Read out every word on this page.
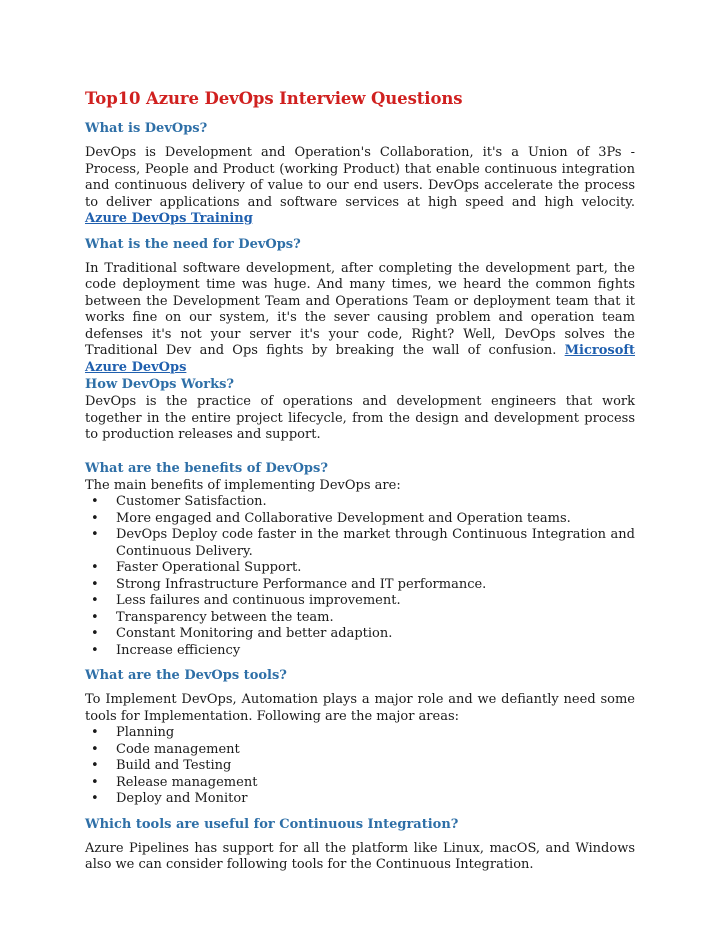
Top10 Azure DevOps Interview Questions
What is DevOps?

DevOps is Development and Operation's Collaboration, it's a Union of 3Ps - Process, People and Product (working Product) that enable continuous integration and continuous delivery of value to our end users. DevOps accelerate the process to deliver applications and software services at high speed and high velocity. Azure DevOps Training

What is the need for DevOps?

In Traditional software development, after completing the development part, the code deployment time was huge. And many times, we heard the common fights between the Development Team and Operations Team or deployment team that it works fine on our system, it's the sever causing problem and operation team defenses it's not your server it's your code, Right? Well, DevOps solves the Traditional Dev and Ops fights by breaking the wall of confusion. Microsoft Azure DevOps

How DevOps Works?

DevOps is the practice of operations and development engineers that work together in the entire project lifecycle, from the design and development process to production releases and support.

What are the benefits of DevOps?

The main benefits of implementing DevOps are:

• Customer Satisfaction.
• More engaged and Collaborative Development and Operation teams.
• DevOps Deploy code faster in the market through Continuous Integration and Continuous Delivery.
• Faster Operational Support.
• Strong Infrastructure Performance and IT performance.
• Less failures and continuous improvement.
• Transparency between the team.
• Constant Monitoring and better adaption.
• Increase efficiency
What are the DevOps tools?

To Implement DevOps, Automation plays a major role and we defiantly need some tools for Implementation. Following are the major areas:

• Planning
• Code management
• Build and Testing
• Release management
• Deploy and Monitor
Which tools are useful for Continuous Integration?

Azure Pipelines has support for all the platform like Linux, macOS, and Windows also we can consider following tools for the Continuous Integration.
